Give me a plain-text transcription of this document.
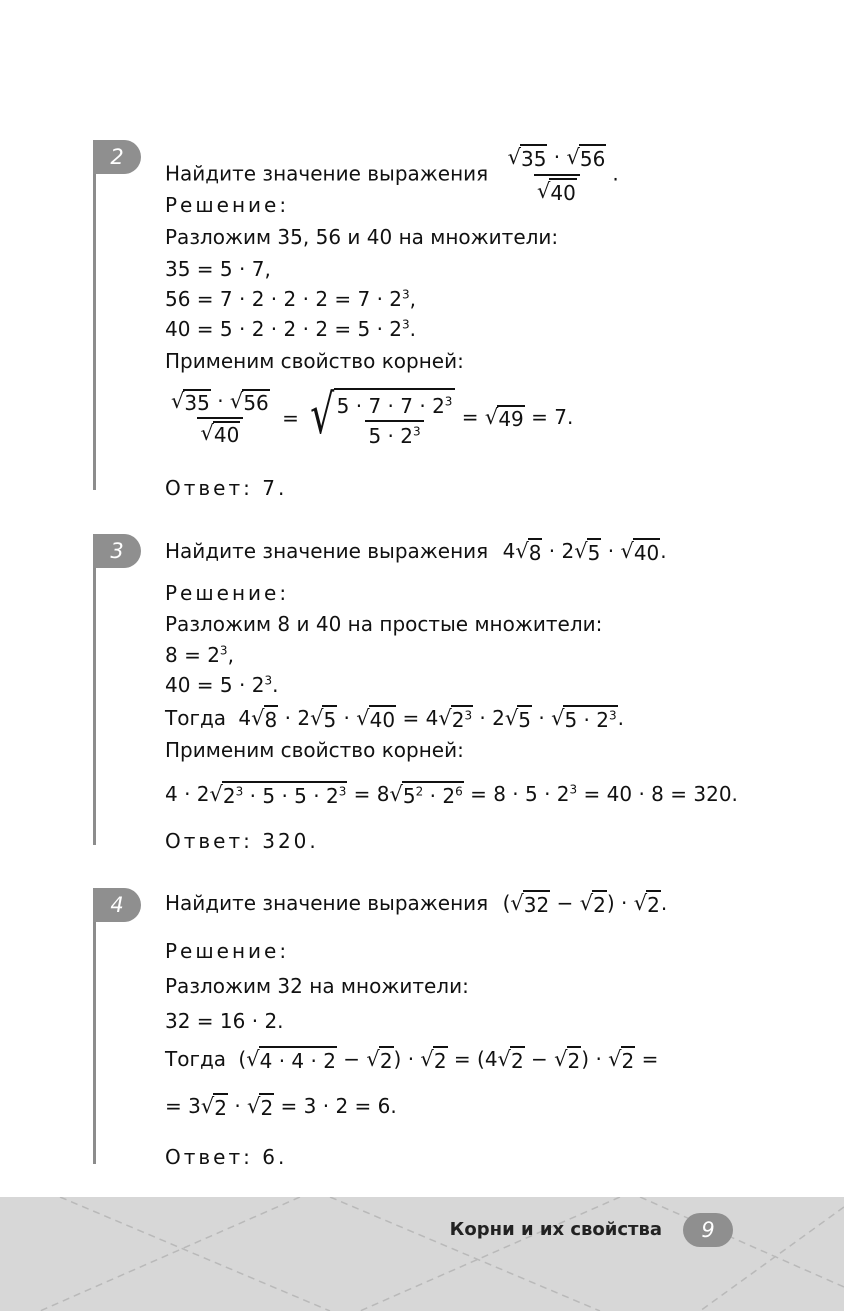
2
Найдите значение выражения $\frac{√ 35 \cdot √ 56}{√ 40}$ .
Решение:
Разложим 35, 56 и 40 на множители:
35 = 5 · 7,
$56 = 7 \cdot 2 \cdot 2 \cdot 2 = 7 \cdot 2^3$,
$40 = 5 \cdot 2 \cdot 2 \cdot 2 = 5 \cdot 2^3$.
Применим свойство корней:
$\frac{√ 35 \cdot √ 56}{√ 40}$ = √ $\frac{5 \cdot 7 \cdot 7 \cdot 2^3}{5 \cdot 2^3}$ = √ 49 = 7.
Ответ: 7.
3	Найдите значение выражения 4 √ 8 · 2 √ 5 · √ 40 .
Решение:
Разложим 8 и 40 на простые множители:
$8 = 2^3$,
$40 = 5 \cdot 2^3$.
Тогда 4 √ 8 · 2 √ 5 · √ 40 = 4 √ $2^3 \cdot 2$ √ 5 · √ $5 \cdot 2^3$ .
Применим свойство корней:
4 · 2 √ $2^3 \cdot 5 \cdot 5 \cdot 2^3 = 8$ √ $5^2 \cdot 2^6 = 8 \cdot 5 \cdot 2^3 = 40 \cdot 8 = 320$.
Ответ: 320.
4	Найдите значение выражения ( √ 32 − √ 2 ) · √ 2 .
Решение:
Разложим 32 на множители:
32 = 16 · 2.
Тогда ( √ 4 · 4 · 2 − √ 2 ) · √ 2 = (4 √ 2 − √ 2 ) · √ 2 =
= 3 √ 2 · √ 2 = 3 · 2 = 6.
Ответ: 6.
Корни и их свойства	9
